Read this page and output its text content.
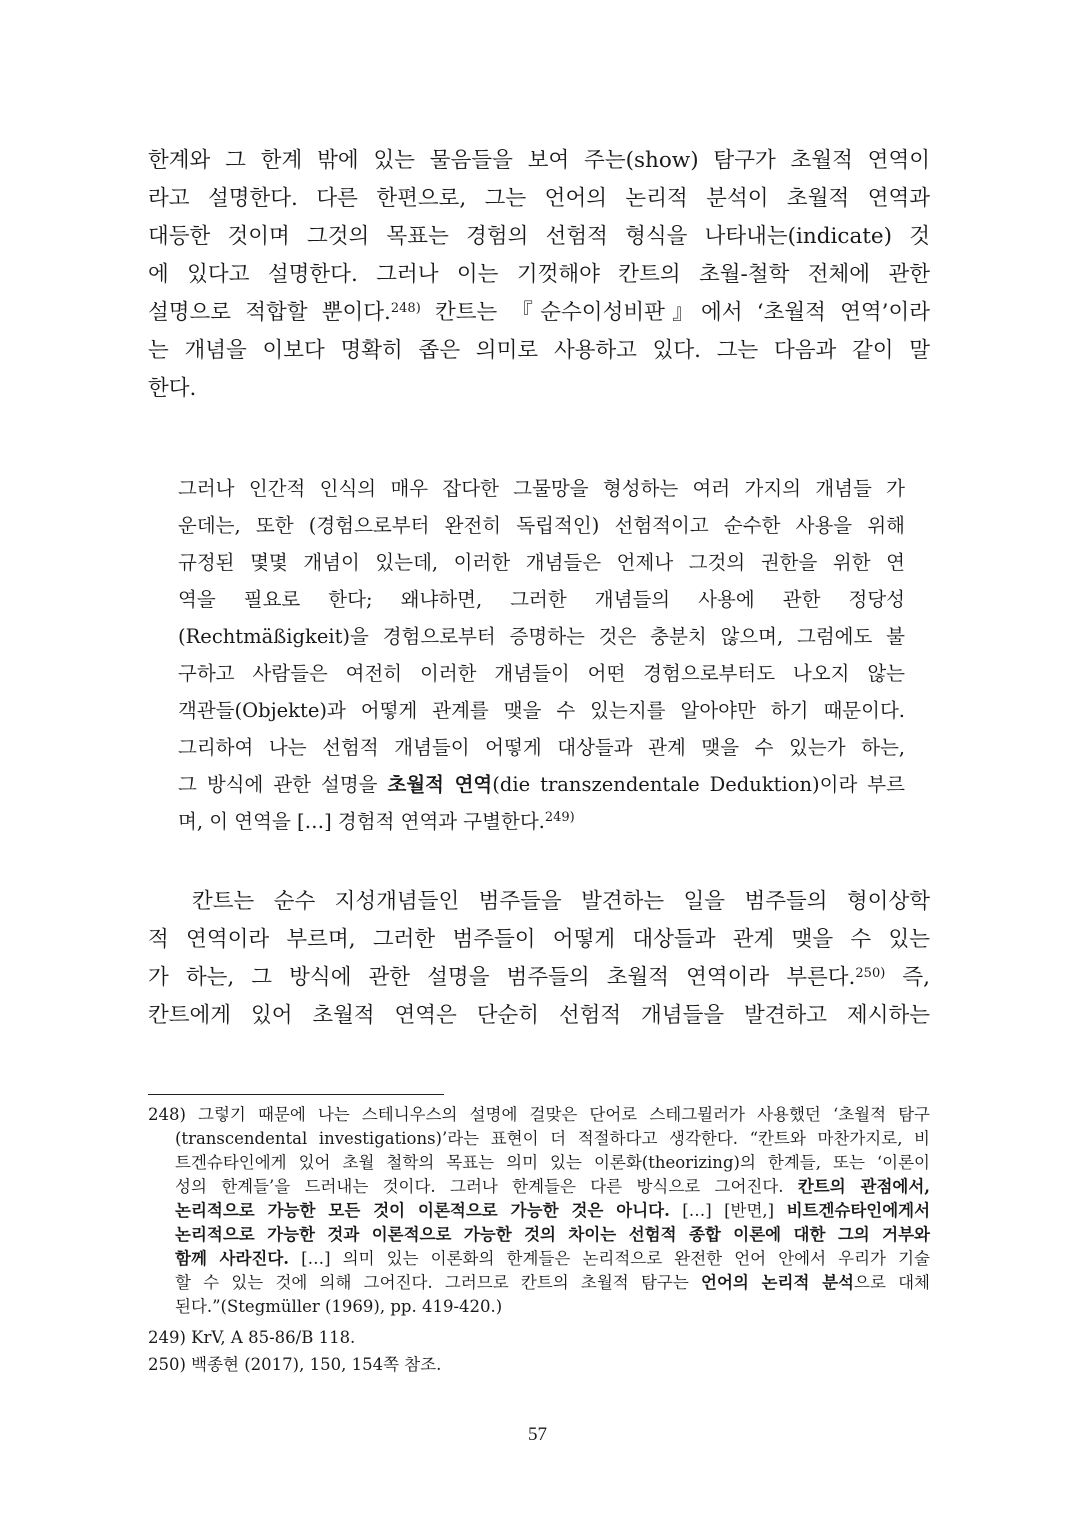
한계와 그 한계 밖에 있는 물음들을 보여 주는(show) 탐구가 초월적 연역이
라고 설명한다. 다른 한편으로, 그는 언어의 논리적 분석이 초월적 연역과
대등한 것이며 그것의 목표는 경험의 선험적 형식을 나타내는(indicate) 것
에 있다고 설명한다. 그러나 이는 기껏해야 칸트의 초월-철학 전체에 관한
설명으로 적합할 뿐이다.$^{248)}$ 칸트는 『순수이성비판』에서 ‘초월적 연역’이라
는 개념을 이보다 명확히 좁은 의미로 사용하고 있다. 그는 다음과 같이 말
한다.

그러나 인간적 인식의 매우 잡다한 그물망을 형성하는 여러 가지의 개념들 가
운데는, 또한 (경험으로부터 완전히 독립적인) 선험적이고 순수한 사용을 위해
규정된 몇몇 개념이 있는데, 이러한 개념들은 언제나 그것의 권한을 위한 연
역을 필요로 한다; 왜냐하면, 그러한 개념들의 사용에 관한 정당성
(Rechtmäßigkeit)을 경험으로부터 증명하는 것은 충분치 않으며, 그럼에도 불
구하고 사람들은 여전히 이러한 개념들이 어떤 경험으로부터도 나오지 않는
객관들(Objekte)과 어떻게 관계를 맺을 수 있는지를 알아야만 하기 때문이다.
그리하여 나는 선험적 개념들이 어떻게 대상들과 관계 맺을 수 있는가 하는,
그 방식에 관한 설명을 초월적 연역(die transzendentale Deduktion)이라 부르
며, 이 연역을 […] 경험적 연역과 구별한다.$^{249)}$

칸트는 순수 지성개념들인 범주들을 발견하는 일을 범주들의 형이상학
적 연역이라 부르며, 그러한 범주들이 어떻게 대상들과 관계 맺을 수 있는
가 하는, 그 방식에 관한 설명을 범주들의 초월적 연역이라 부른다.$^{250)}$ 즉,
칸트에게 있어 초월적 연역은 단순히 선험적 개념들을 발견하고 제시하는

248) 그렇기 때문에 나는 스테니우스의 설명에 걸맞은 단어로 스테그뮐러가 사용했던 ‘초월적 탐구
(transcendental investigations)’라는 표현이 더 적절하다고 생각한다. “칸트와 마찬가지로, 비
트겐슈타인에게 있어 초월 철학의 목표는 의미 있는 이론화(theorizing)의 한계들, 또는 ‘이론이
성의 한계들’을 드러내는 것이다. 그러나 한계들은 다른 방식으로 그어진다. 칸트의 관점에서,
논리적으로 가능한 모든 것이 이론적으로 가능한 것은 아니다. […] [반면,] 비트겐슈타인에게서
논리적으로 가능한 것과 이론적으로 가능한 것의 차이는 선험적 종합 이론에 대한 그의 거부와
함께 사라진다. […] 의미 있는 이론화의 한계들은 논리적으로 완전한 언어 안에서 우리가 기술
할 수 있는 것에 의해 그어진다. 그러므로 칸트의 초월적 탐구는 언어의 논리적 분석으로 대체
된다.”(Stegmüller (1969), pp. 419-420.)
249) KrV, A 85-86/B 118.
250) 백종현 (2017), 150, 154쪽 참조.
57
